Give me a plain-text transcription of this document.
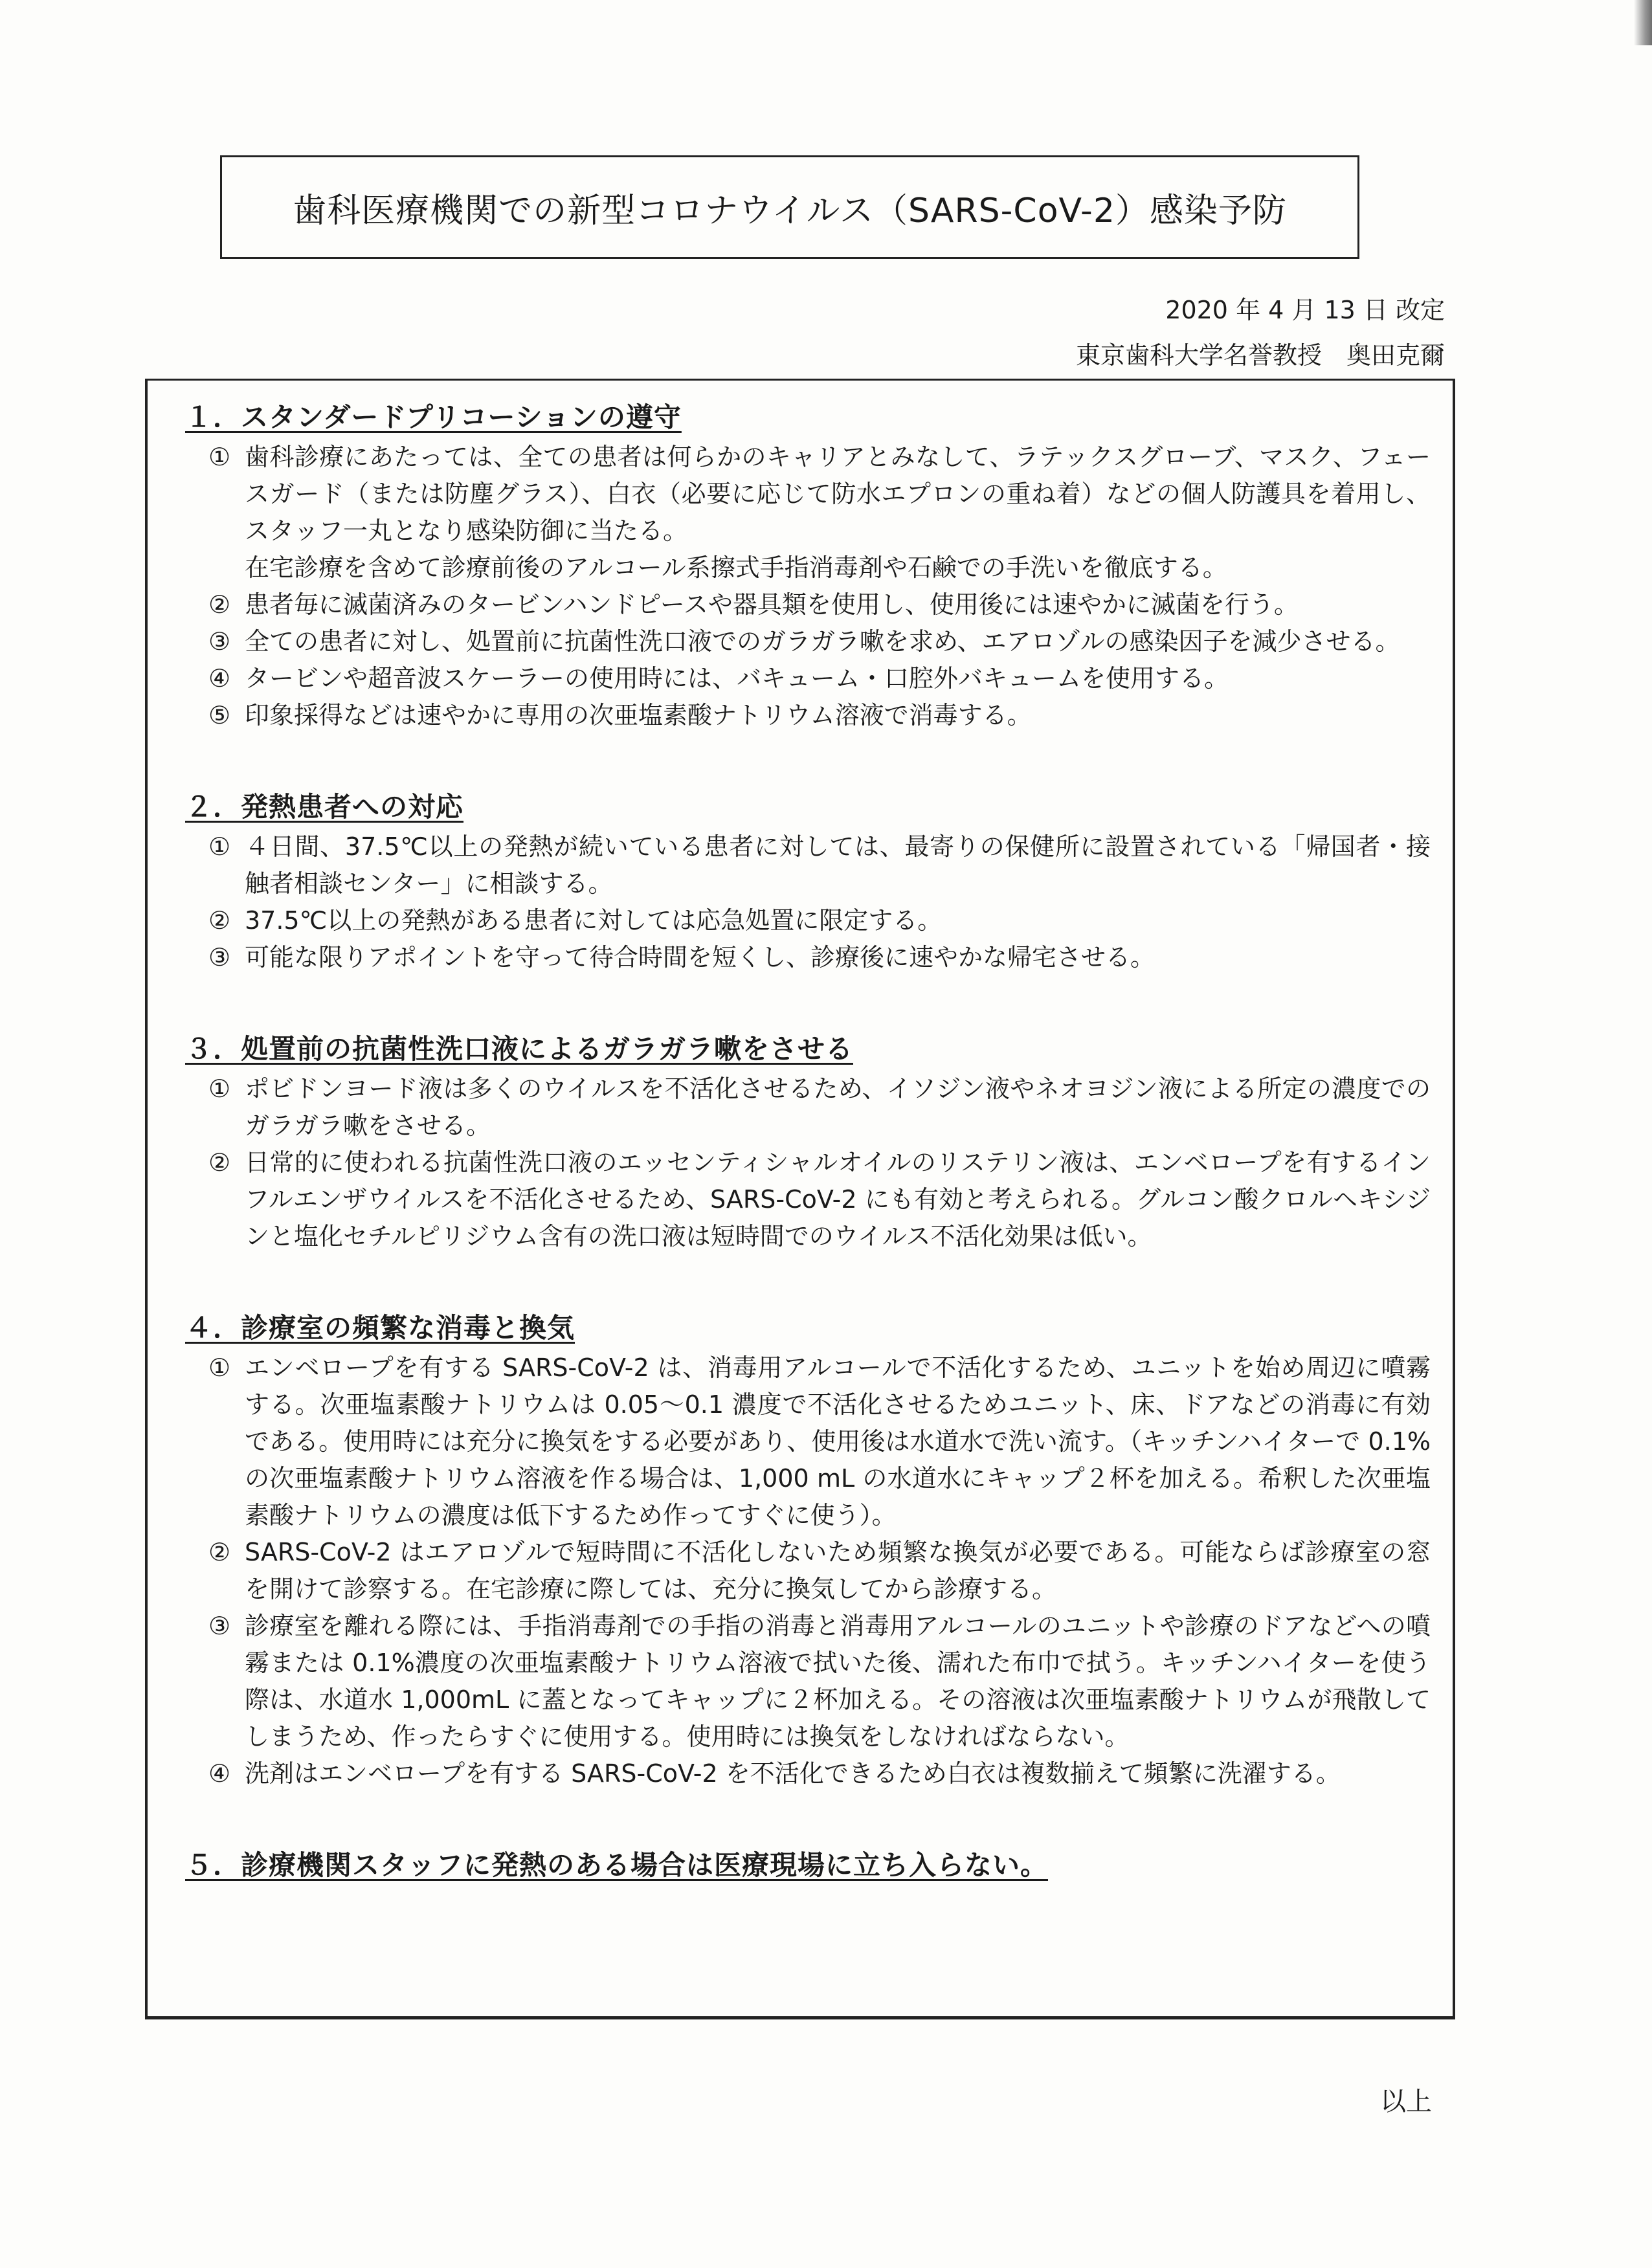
歯科医療機関での新型コロナウイルス（SARS-CoV-2）感染予防
2020 年 4 月 13 日 改定
東京歯科大学名誉教授　奥田克爾
１．スタンダードプリコーションの遵守
① 歯科診療にあたっては、全ての患者は何らかのキャリアとみなして、ラテックスグローブ、マスク、フェースガード（または防塵グラス）、白衣（必要に応じて防水エプロンの重ね着）などの個人防護具を着用し、スタッフ一丸となり感染防御に当たる。
在宅診療を含めて診療前後のアルコール系擦式手指消毒剤や石鹸での手洗いを徹底する。
② 患者毎に滅菌済みのタービンハンドピースや器具類を使用し、使用後には速やかに滅菌を行う。
③ 全ての患者に対し、処置前に抗菌性洗口液でのガラガラ嗽を求め、エアロゾルの感染因子を減少させる。
④ タービンや超音波スケーラーの使用時には、バキューム・口腔外バキュームを使用する。
⑤ 印象採得などは速やかに専用の次亜塩素酸ナトリウム溶液で消毒する。
２．発熱患者への対応
① ４日間、37.5℃以上の発熱が続いている患者に対しては、最寄りの保健所に設置されている「帰国者・接触者相談センター」に相談する。
② 37.5℃以上の発熱がある患者に対しては応急処置に限定する。
③ 可能な限りアポイントを守って待合時間を短くし、診療後に速やかな帰宅させる。
３．処置前の抗菌性洗口液によるガラガラ嗽をさせる
① ポビドンヨード液は多くのウイルスを不活化させるため、イソジン液やネオヨジン液による所定の濃度でのガラガラ嗽をさせる。
② 日常的に使われる抗菌性洗口液のエッセンティシャルオイルのリステリン液は、エンベロープを有するインフルエンザウイルスを不活化させるため、SARS-CoV-2 にも有効と考えられる。グルコン酸クロルヘキシジンと塩化セチルピリジウム含有の洗口液は短時間でのウイルス不活化効果は低い。
４．診療室の頻繁な消毒と換気
① エンベロープを有する SARS-CoV-2 は、消毒用アルコールで不活化するため、ユニットを始め周辺に噴霧する。次亜塩素酸ナトリウムは 0.05～0.1 濃度で不活化させるためユニット、床、ドアなどの消毒に有効である。使用時には充分に換気をする必要があり、使用後は水道水で洗い流す。（キッチンハイターで 0.1%の次亜塩素酸ナトリウム溶液を作る場合は、1,000 mL の水道水にキャップ２杯を加える。希釈した次亜塩素酸ナトリウムの濃度は低下するため作ってすぐに使う）。
② SARS-CoV-2 はエアロゾルで短時間に不活化しないため頻繁な換気が必要である。可能ならば診療室の窓を開けて診察する。在宅診療に際しては、充分に換気してから診療する。
③ 診療室を離れる際には、手指消毒剤での手指の消毒と消毒用アルコールのユニットや診療のドアなどへの噴霧または 0.1%濃度の次亜塩素酸ナトリウム溶液で拭いた後、濡れた布巾で拭う。キッチンハイターを使う際は、水道水 1,000mL に蓋となってキャップに２杯加える。その溶液は次亜塩素酸ナトリウムが飛散してしまうため、作ったらすぐに使用する。使用時には換気をしなければならない。
④ 洗剤はエンベロープを有する SARS-CoV-2 を不活化できるため白衣は複数揃えて頻繁に洗濯する。
５．診療機関スタッフに発熱のある場合は医療現場に立ち入らない。
以上
